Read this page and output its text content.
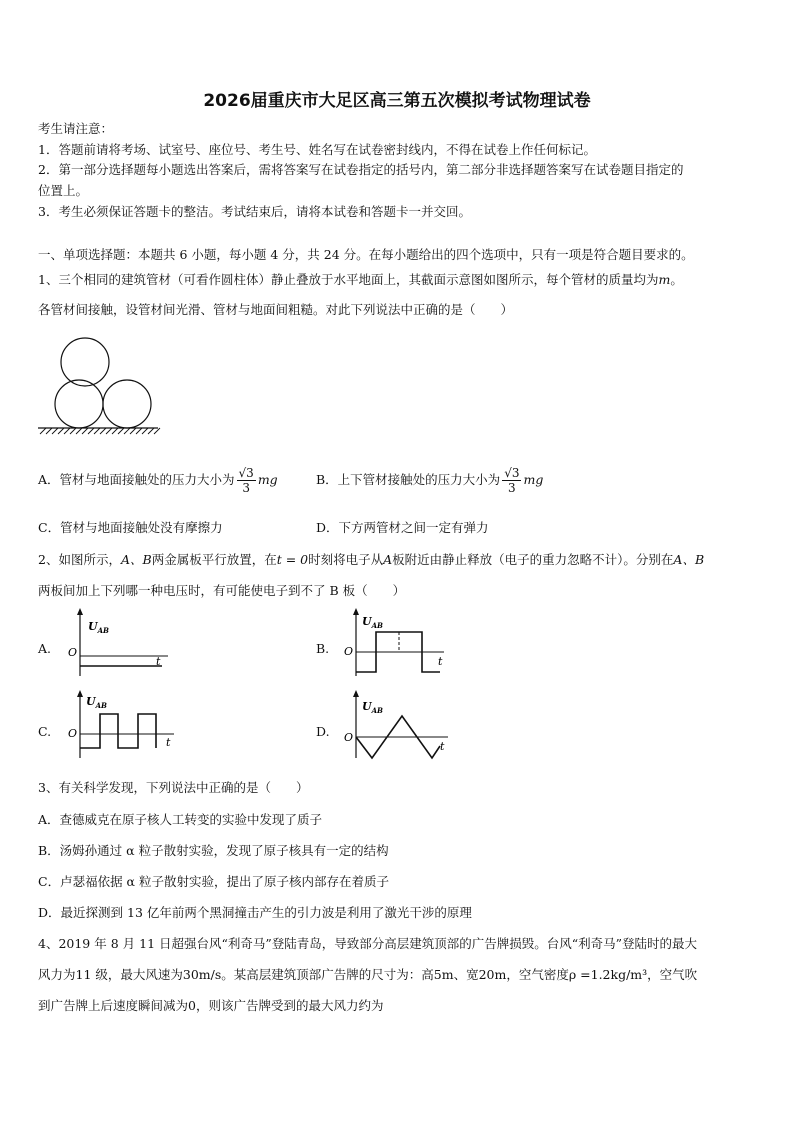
2026届重庆市大足区高三第五次模拟考试物理试卷
考生请注意：
1．答题前请将考场、试室号、座位号、考生号、姓名写在试卷密封线内，不得在试卷上作任何标记。
2．第一部分选择题每小题选出答案后，需将答案写在试卷指定的括号内，第二部分非选择题答案写在试卷题目指定的
位置上。
3．考生必须保证答题卡的整洁。考试结束后，请将本试卷和答题卡一并交回。
一、单项选择题：本题共 6 小题，每小题 4 分，共 24 分。在每小题给出的四个选项中，只有一项是符合题目要求的。
1、三个相同的建筑管材（可看作圆柱体）静止叠放于水平地面上，其截面示意图如图所示，每个管材的质量均为m。
各管材间接触，设管材间光滑、管材与地面间粗糙。对此下列说法中正确的是（　　）
A．管材与地面接触处的压力大小为 $\frac{√3}{3}$ mg	B．上下管材接触处的压力大小为 $\frac{√3}{3}$ mg
C．管材与地面接触处没有摩擦力	D．下方两管材之间一定有弹力
2、如图所示，A、B两金属板平行放置，在t = 0时刻将电子从A板附近由静止释放（电子的重力忽略不计）。分别在A、B
两板间加上下列哪一种电压时，有可能使电子到不了 B 板（　　）
A.
$U_{AB}$
O
t
B.
$U_{AB}$
O
t
C.
$U_{AB}$
O
t
D.
$U_{AB}$
O
t
3、有关科学发现，下列说法中正确的是（　　）
A．查德威克在原子核人工转变的实验中发现了质子
B．汤姆孙通过 α 粒子散射实验，发现了原子核具有一定的结构
C．卢瑟福依据 α 粒子散射实验，提出了原子核内部存在着质子
D．最近探测到 13 亿年前两个黑洞撞击产生的引力波是利用了激光干涉的原理
4、2019 年 8 月 11 日超强台风“利奇马”登陆青岛，导致部分高层建筑顶部的广告牌损毁。台风“利奇马”登陆时的最大
风力为11 级，最大风速为30m/s。某高层建筑顶部广告牌的尺寸为：高5m、宽20m，空气密度ρ =1.2kg/m³，空气吹
到广告牌上后速度瞬间减为0，则该广告牌受到的最大风力约为
